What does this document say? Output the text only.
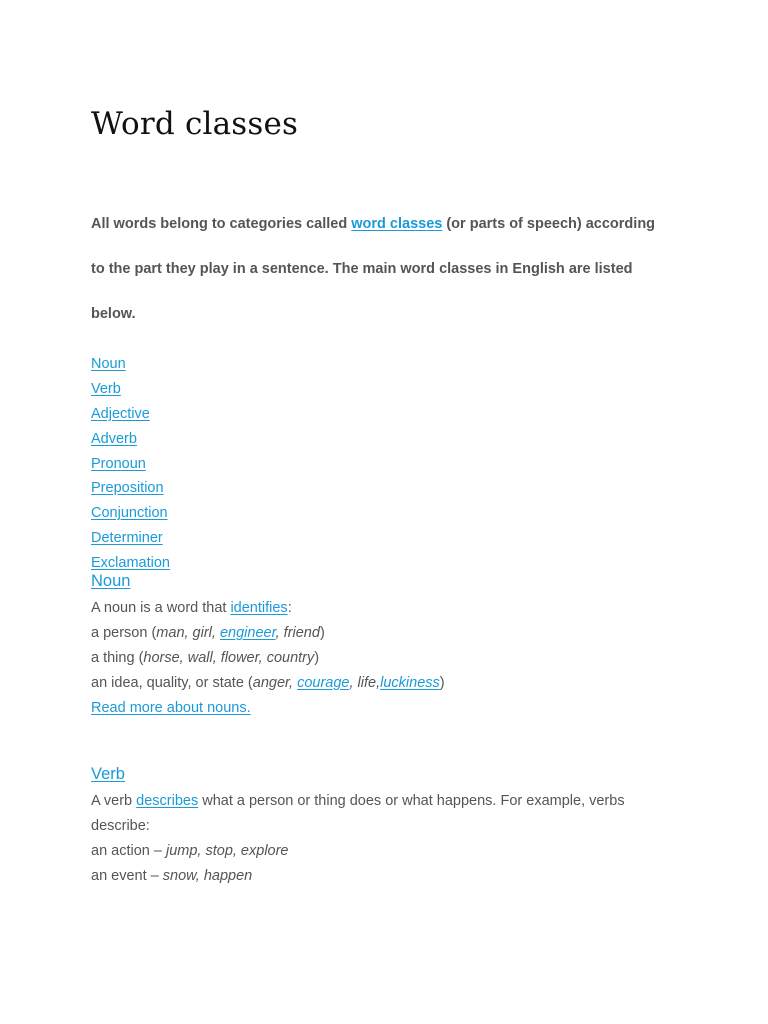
Word classes
All words belong to categories called word classes (or parts of speech) according
to the part they play in a sentence. The main word classes in English are listed
below.
Noun
Verb
Adjective
Adverb
Pronoun
Preposition
Conjunction
Determiner
Exclamation
Noun
A noun is a word that identifies:
a person (man, girl, engineer, friend)
a thing (horse, wall, flower, country)
an idea, quality, or state (anger, courage, life,luckiness)
Read more about nouns.
Verb
A verb describes what a person or thing does or what happens. For example, verbs
describe:
an action – jump, stop, explore
an event – snow, happen
